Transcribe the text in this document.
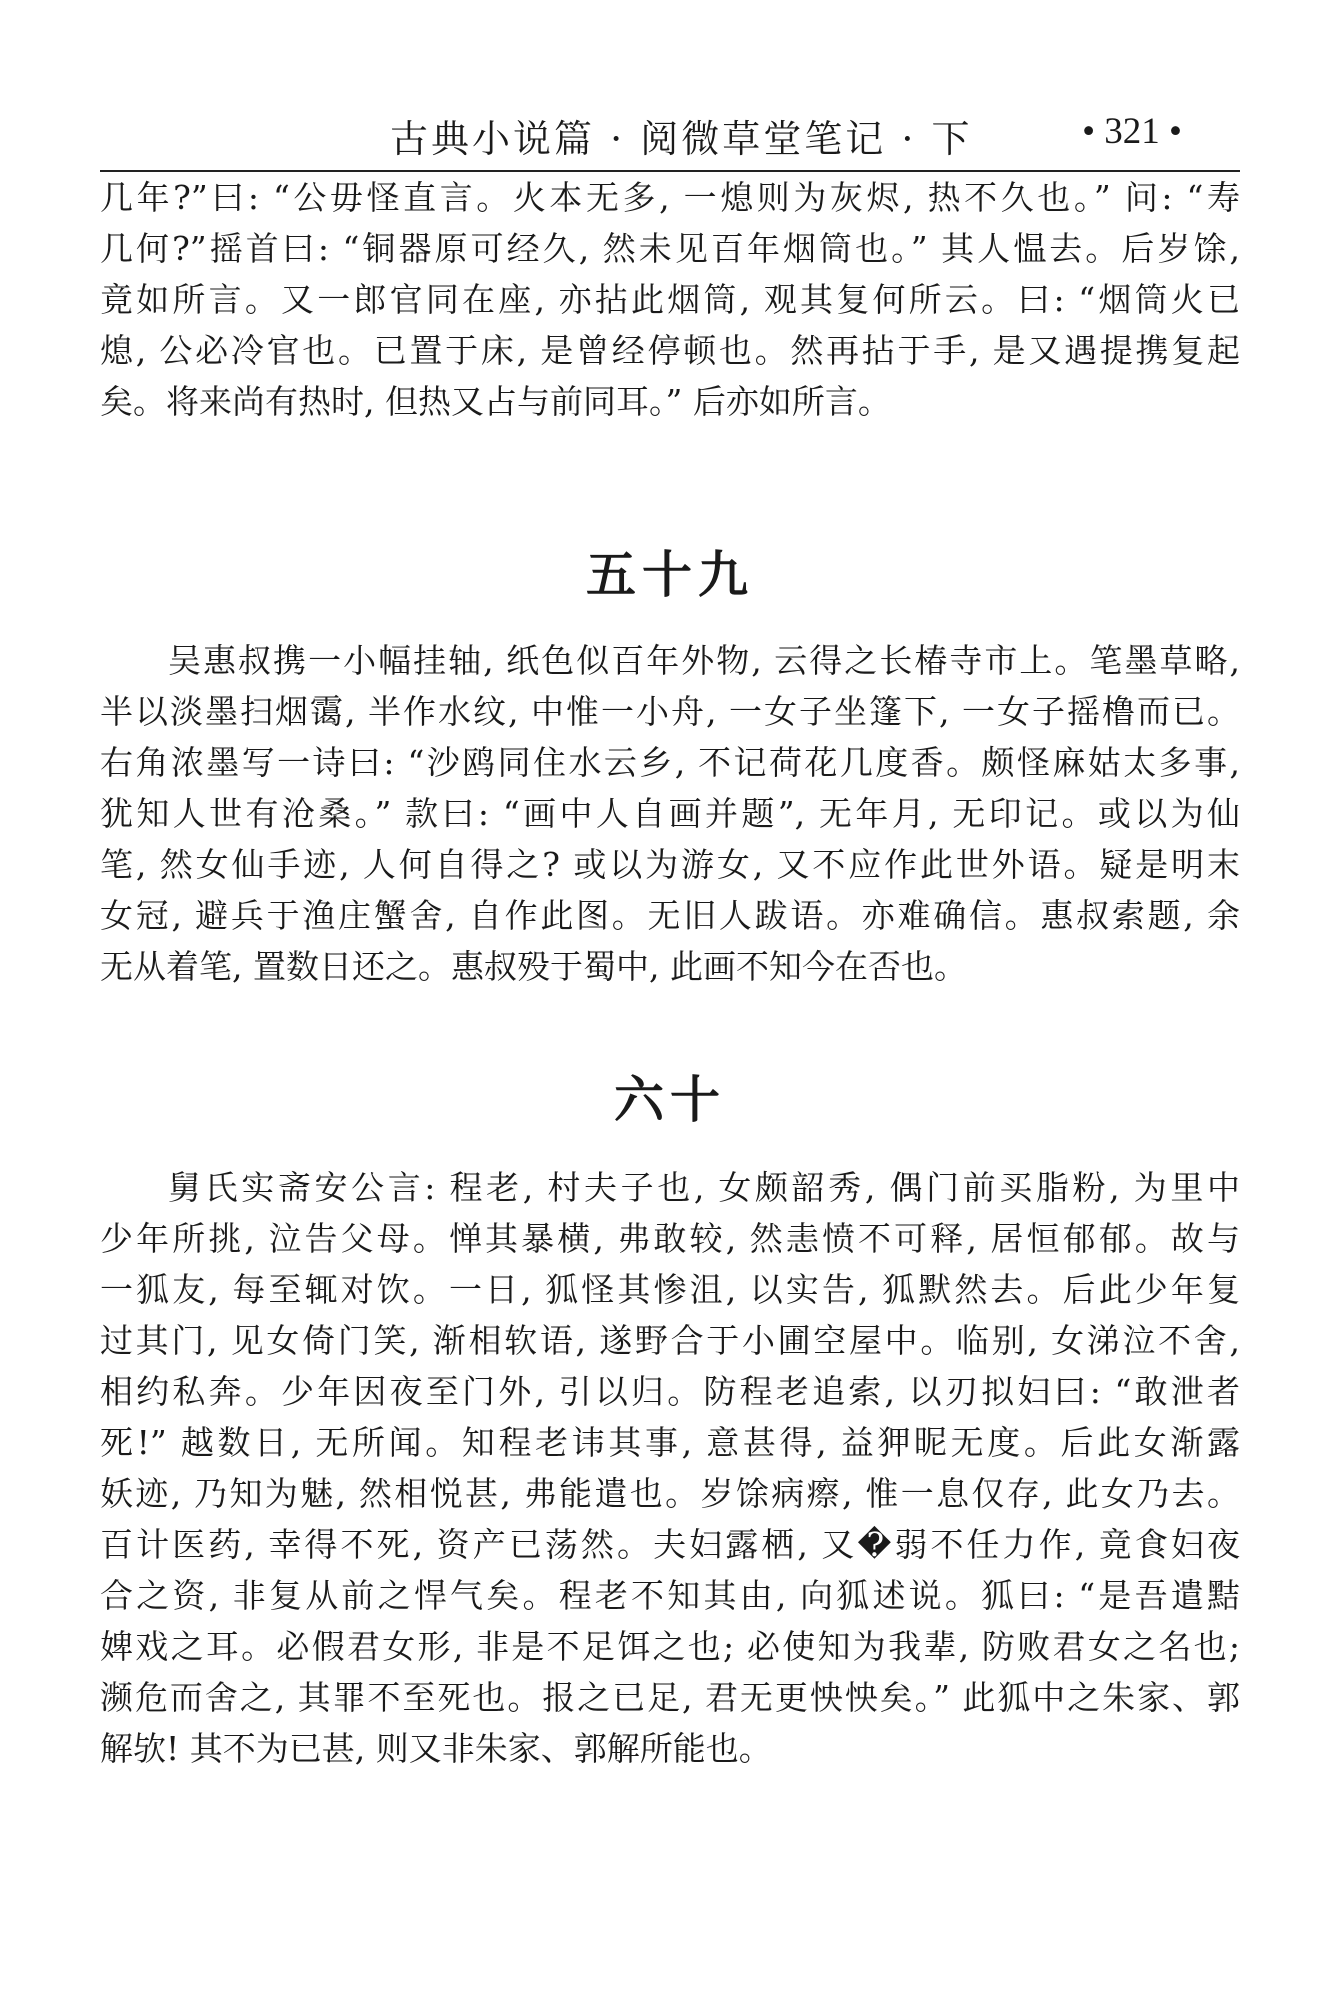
古典小说篇 · 阅微草堂笔记 · 下	• 321 •
几年?”曰: “公毋怪直言。火本无多, 一熄则为灰烬, 热不久也。” 问: “寿
几何?”摇首曰: “铜器原可经久, 然未见百年烟筒也。” 其人愠去。后岁馀,
竟如所言。又一郎官同在座, 亦拈此烟筒, 观其复何所云。曰: “烟筒火已
熄, 公必冷官也。已置于床, 是曾经停顿也。然再拈于手, 是又遇提携复起
矣。将来尚有热时, 但热又占与前同耳。” 后亦如所言。
五十九
吴惠叔携一小幅挂轴, 纸色似百年外物, 云得之长椿寺市上。笔墨草略,
半以淡墨扫烟霭, 半作水纹, 中惟一小舟, 一女子坐篷下, 一女子摇橹而已。
右角浓墨写一诗曰: “沙鸥同住水云乡, 不记荷花几度香。颇怪麻姑太多事,
犹知人世有沧桑。” 款曰: “画中人自画并题”, 无年月, 无印记。或以为仙
笔, 然女仙手迹, 人何自得之? 或以为游女, 又不应作此世外语。疑是明末
女冠, 避兵于渔庄蟹舍, 自作此图。无旧人跋语。亦难确信。惠叔索题, 余
无从着笔, 置数日还之。惠叔殁于蜀中, 此画不知今在否也。
六十
舅氏实斋安公言: 程老, 村夫子也, 女颇韶秀, 偶门前买脂粉, 为里中
少年所挑, 泣告父母。惮其暴横, 弗敢较, 然恚愤不可释, 居恒郁郁。故与
一狐友, 每至辄对饮。一日, 狐怪其惨沮, 以实告, 狐默然去。后此少年复
过其门, 见女倚门笑, 渐相软语, 遂野合于小圃空屋中。临别, 女涕泣不舍,
相约私奔。少年因夜至门外, 引以归。防程老追索, 以刃拟妇曰: “敢泄者
死!” 越数日, 无所闻。知程老讳其事, 意甚得, 益狎昵无度。后此女渐露
妖迹, 乃知为魅, 然相悦甚, 弗能遣也。岁馀病瘵, 惟一息仅存, 此女乃去。
百计医药, 幸得不死, 资产已荡然。夫妇露栖, 又�弱不任力作, 竟食妇夜
合之资, 非复从前之悍气矣。程老不知其由, 向狐述说。狐曰: “是吾遣黠
婢戏之耳。必假君女形, 非是不足饵之也; 必使知为我辈, 防败君女之名也;
濒危而舍之, 其罪不至死也。报之已足, 君无更怏怏矣。” 此狐中之朱家、郭
解欤! 其不为已甚, 则又非朱家、郭解所能也。
